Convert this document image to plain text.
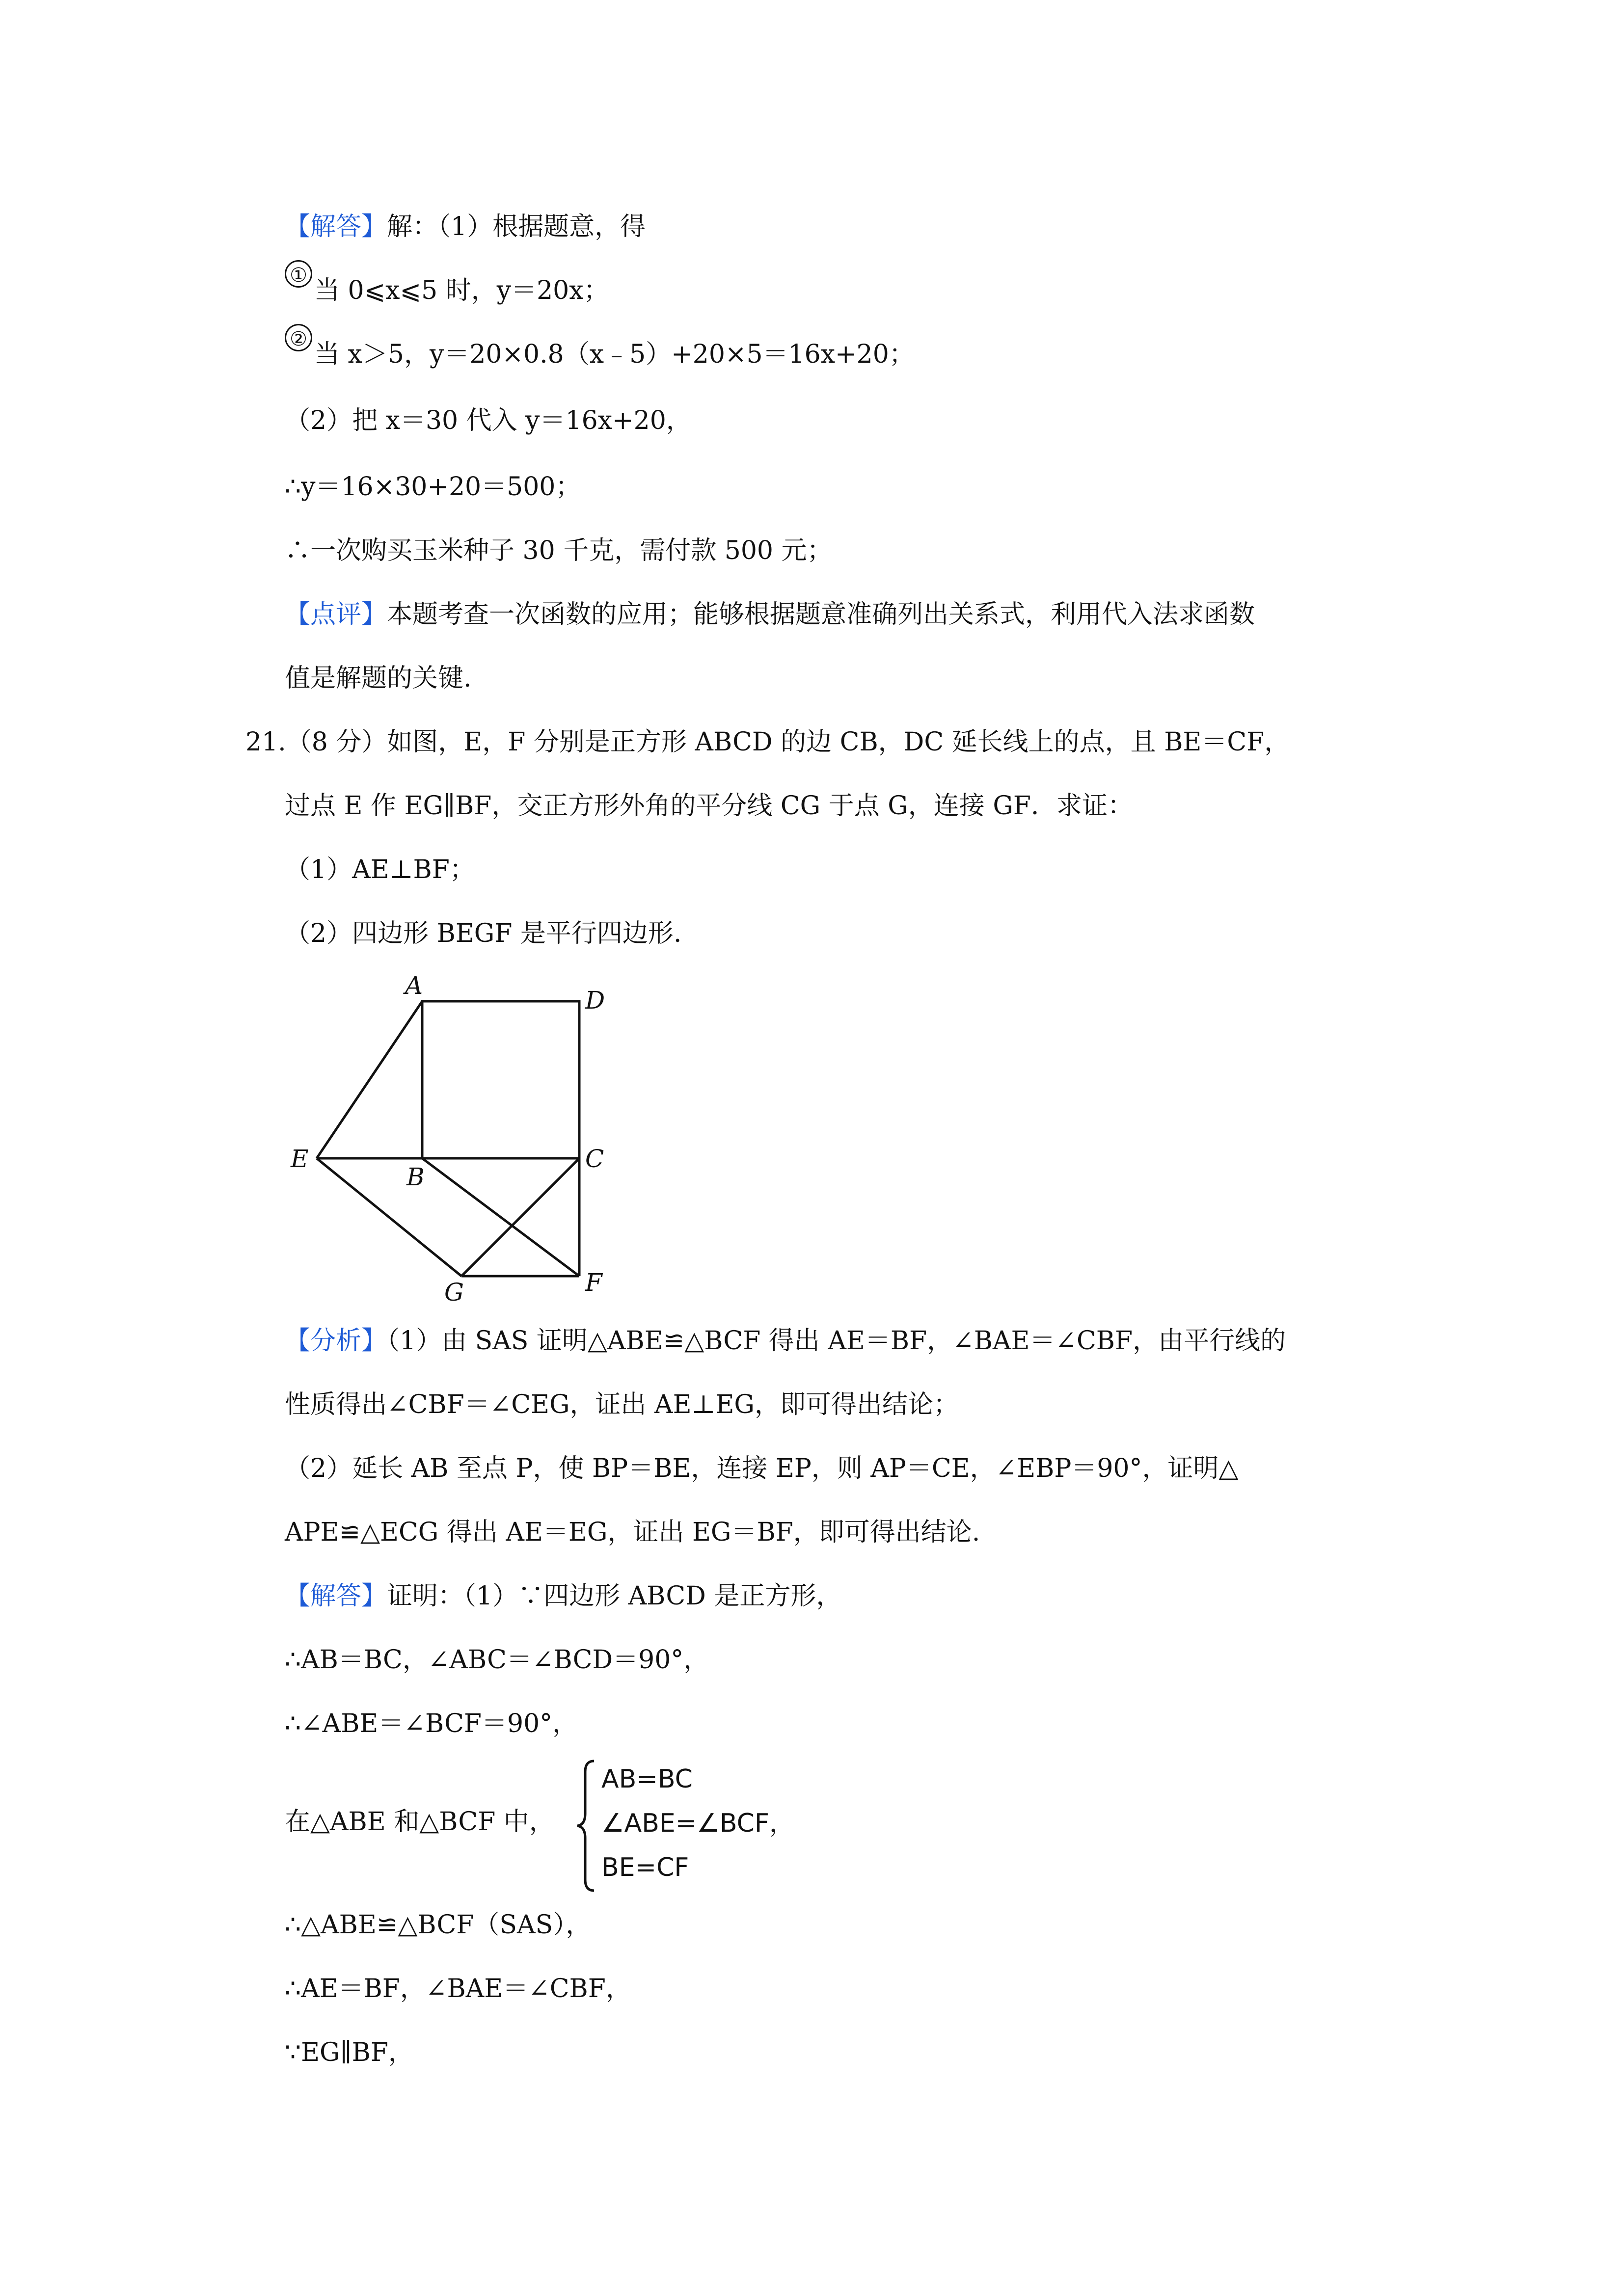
【解答】解：（1）根据题意，得
①
当 0⩽x⩽5 时，y＝20x；
②
当 x＞5，y＝20×0.8（x﹣5）+20×5＝16x+20；
（2）把 x＝30 代入 y＝16x+20，
∴y＝16×30+20＝500；
∴一次购买玉米种子 30 千克，需付款 500 元；
【点评】本题考查一次函数的应用；能够根据题意准确列出关系式，利用代入法求函数
值是解题的关键.
21.（8 分）如图，E，F 分别是正方形 ABCD 的边 CB，DC 延长线上的点，且 BE＝CF，
过点 E 作 EG∥BF，交正方形外角的平分线 CG 于点 G，连接 GF．求证：
（1）AE⊥BF；
（2）四边形 BEGF 是平行四边形.
A
D
E
B
C
F
G
【分析】（1）由 SAS 证明△ABE≌△BCF 得出 AE＝BF，∠BAE＝∠CBF，由平行线的
性质得出∠CBF＝∠CEG，证出 AE⊥EG，即可得出结论；
（2）延长 AB 至点 P，使 BP＝BE，连接 EP，则 AP＝CE，∠EBP＝90°，证明△
APE≌△ECG 得出 AE＝EG，证出 EG＝BF，即可得出结论.
【解答】证明：（1）∵四边形 ABCD 是正方形，
∴AB＝BC，∠ABC＝∠BCD＝90°，
∴∠ABE＝∠BCF＝90°，
在△ABE 和△BCF 中，
AB=BC
∠ABE=∠BCF，
BE=CF
∴△ABE≌△BCF（SAS），
∴AE＝BF，∠BAE＝∠CBF，
∵EG∥BF，
